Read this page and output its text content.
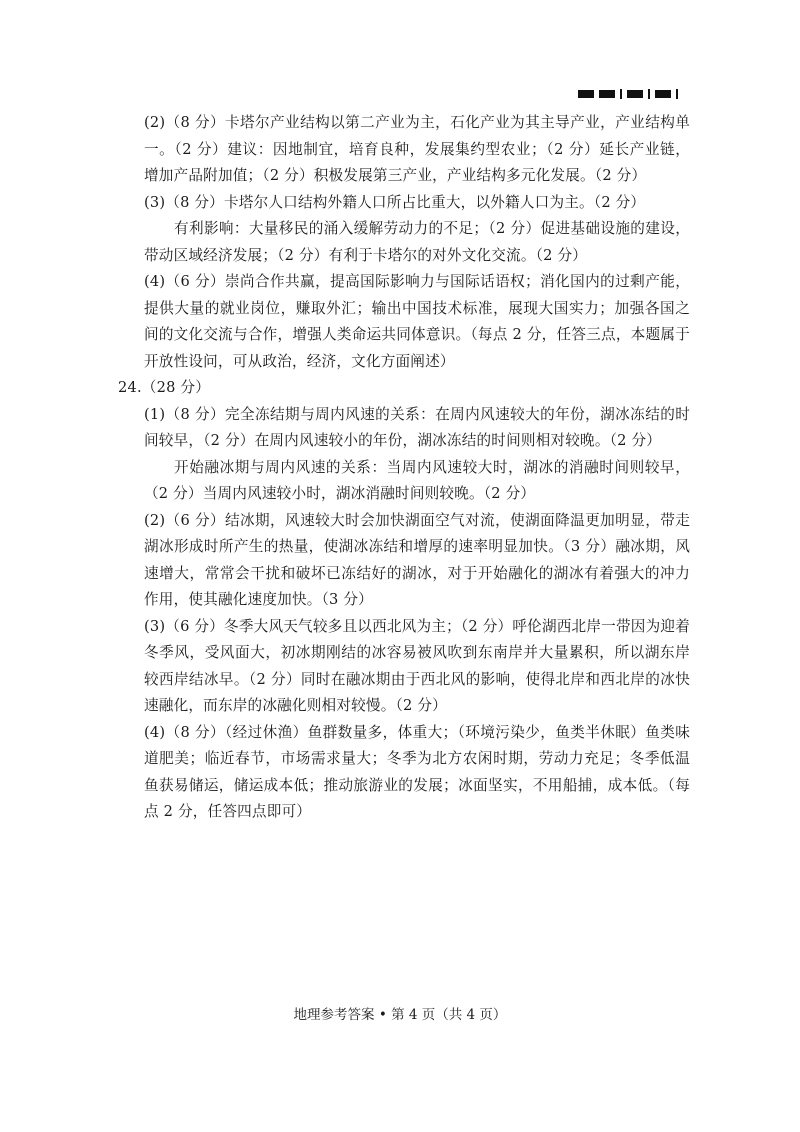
(2)（8 分）卡塔尔产业结构以第二产业为主，石化产业为其主导产业，产业结构单一。（2 分）建议：因地制宜，培育良种，发展集约型农业；（2 分）延长产业链，增加产品附加值；（2 分）积极发展第三产业，产业结构多元化发展。（2 分）

(3)（8 分）卡塔尔人口结构外籍人口所占比重大，以外籍人口为主。（2 分）

有利影响：大量移民的涌入缓解劳动力的不足；（2 分）促进基础设施的建设，带动区域经济发展；（2 分）有利于卡塔尔的对外文化交流。（2 分）

(4)（6 分）崇尚合作共赢，提高国际影响力与国际话语权；消化国内的过剩产能，提供大量的就业岗位，赚取外汇；输出中国技术标准，展现大国实力；加强各国之间的文化交流与合作，增强人类命运共同体意识。（每点 2 分，任答三点，本题属于开放性设问，可从政治，经济，文化方面阐述）

24.（28 分）

(1)（8 分）完全冻结期与周内风速的关系：在周内风速较大的年份，湖冰冻结的时间较早，（2 分）在周内风速较小的年份，湖冰冻结的时间则相对较晚。（2 分）

开始融冰期与周内风速的关系：当周内风速较大时，湖冰的消融时间则较早，（2 分）当周内风速较小时，湖冰消融时间则较晚。（2 分）

(2)（6 分）结冰期，风速较大时会加快湖面空气对流，使湖面降温更加明显，带走湖冰形成时所产生的热量，使湖冰冻结和增厚的速率明显加快。（3 分）融冰期，风速增大，常常会干扰和破坏已冻结好的湖冰，对于开始融化的湖冰有着强大的冲力作用，使其融化速度加快。（3 分）

(3)（6 分）冬季大风天气较多且以西北风为主；（2 分）呼伦湖西北岸一带因为迎着冬季风，受风面大，初冰期刚结的冰容易被风吹到东南岸并大量累积，所以湖东岸较西岸结冰早。（2 分）同时在融冰期由于西北风的影响，使得北岸和西北岸的冰快速融化，而东岸的冰融化则相对较慢。（2 分）

(4)（8 分）（经过休渔）鱼群数量多，体重大；（环境污染少，鱼类半休眠）鱼类味道肥美；临近春节，市场需求量大；冬季为北方农闲时期，劳动力充足；冬季低温鱼获易储运，储运成本低；推动旅游业的发展；冰面坚实，不用船捕，成本低。（每点 2 分，任答四点即可）

地理参考答案 • 第 4 页（共 4 页）
